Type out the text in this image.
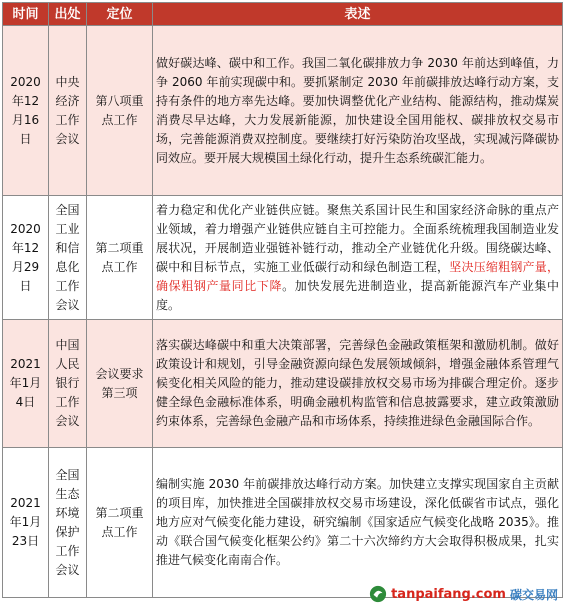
时间	出处	定位	表述
2020年12月16日	中央经济工作会议	第八项重点工作	做好碳达峰、碳中和工作。我国二氧化碳排放力争 2030 年前达到峰值，力争 2060 年前实现碳中和。要抓紧制定 2030 年前碳排放达峰行动方案，支持有条件的地方率先达峰。要加快调整优化产业结构、能源结构，推动煤炭消费尽早达峰，大力发展新能源，加快建设全国用能权、碳排放权交易市场，完善能源消费双控制度。要继续打好污染防治攻坚战，实现减污降碳协同效应。要开展大规模国土绿化行动，提升生态系统碳汇能力。
2020年12月29日	全国工业和信息化工作会议	第二项重点工作	着力稳定和优化产业链供应链。聚焦关系国计民生和国家经济命脉的重点产业领域，着力增强产业链供应链自主可控能力。全面系统梳理我国制造业发展状况，开展制造业强链补链行动，推动全产业链优化升级。围绕碳达峰、碳中和目标节点，实施工业低碳行动和绿色制造工程，坚决压缩粗钢产量，确保粗钢产量同比下降。加快发展先进制造业，提高新能源汽车产业集中度。
2021年1月4日	中国人民银行工作会议	会议要求第三项	落实碳达峰碳中和重大决策部署，完善绿色金融政策框架和激励机制。做好政策设计和规划，引导金融资源向绿色发展领域倾斜，增强金融体系管理气候变化相关风险的能力，推动建设碳排放权交易市场为排碳合理定价。逐步健全绿色金融标准体系，明确金融机构监管和信息披露要求，建立政策激励约束体系，完善绿色金融产品和市场体系，持续推进绿色金融国际合作。
2021年1月23日	全国生态环境保护工作会议	第二项重点工作	编制实施 2030 年前碳排放达峰行动方案。加快建立支撑实现国家自主贡献的项目库，加快推进全国碳排放权交易市场建设，深化低碳省市试点，强化地方应对气候变化能力建设，研究编制《国家适应气候变化战略 2035》。推动《联合国气候变化框架公约》第二十六次缔约方大会取得积极成果，扎实推进气候变化南南合作。
tanpaifang.com 碳交易网
